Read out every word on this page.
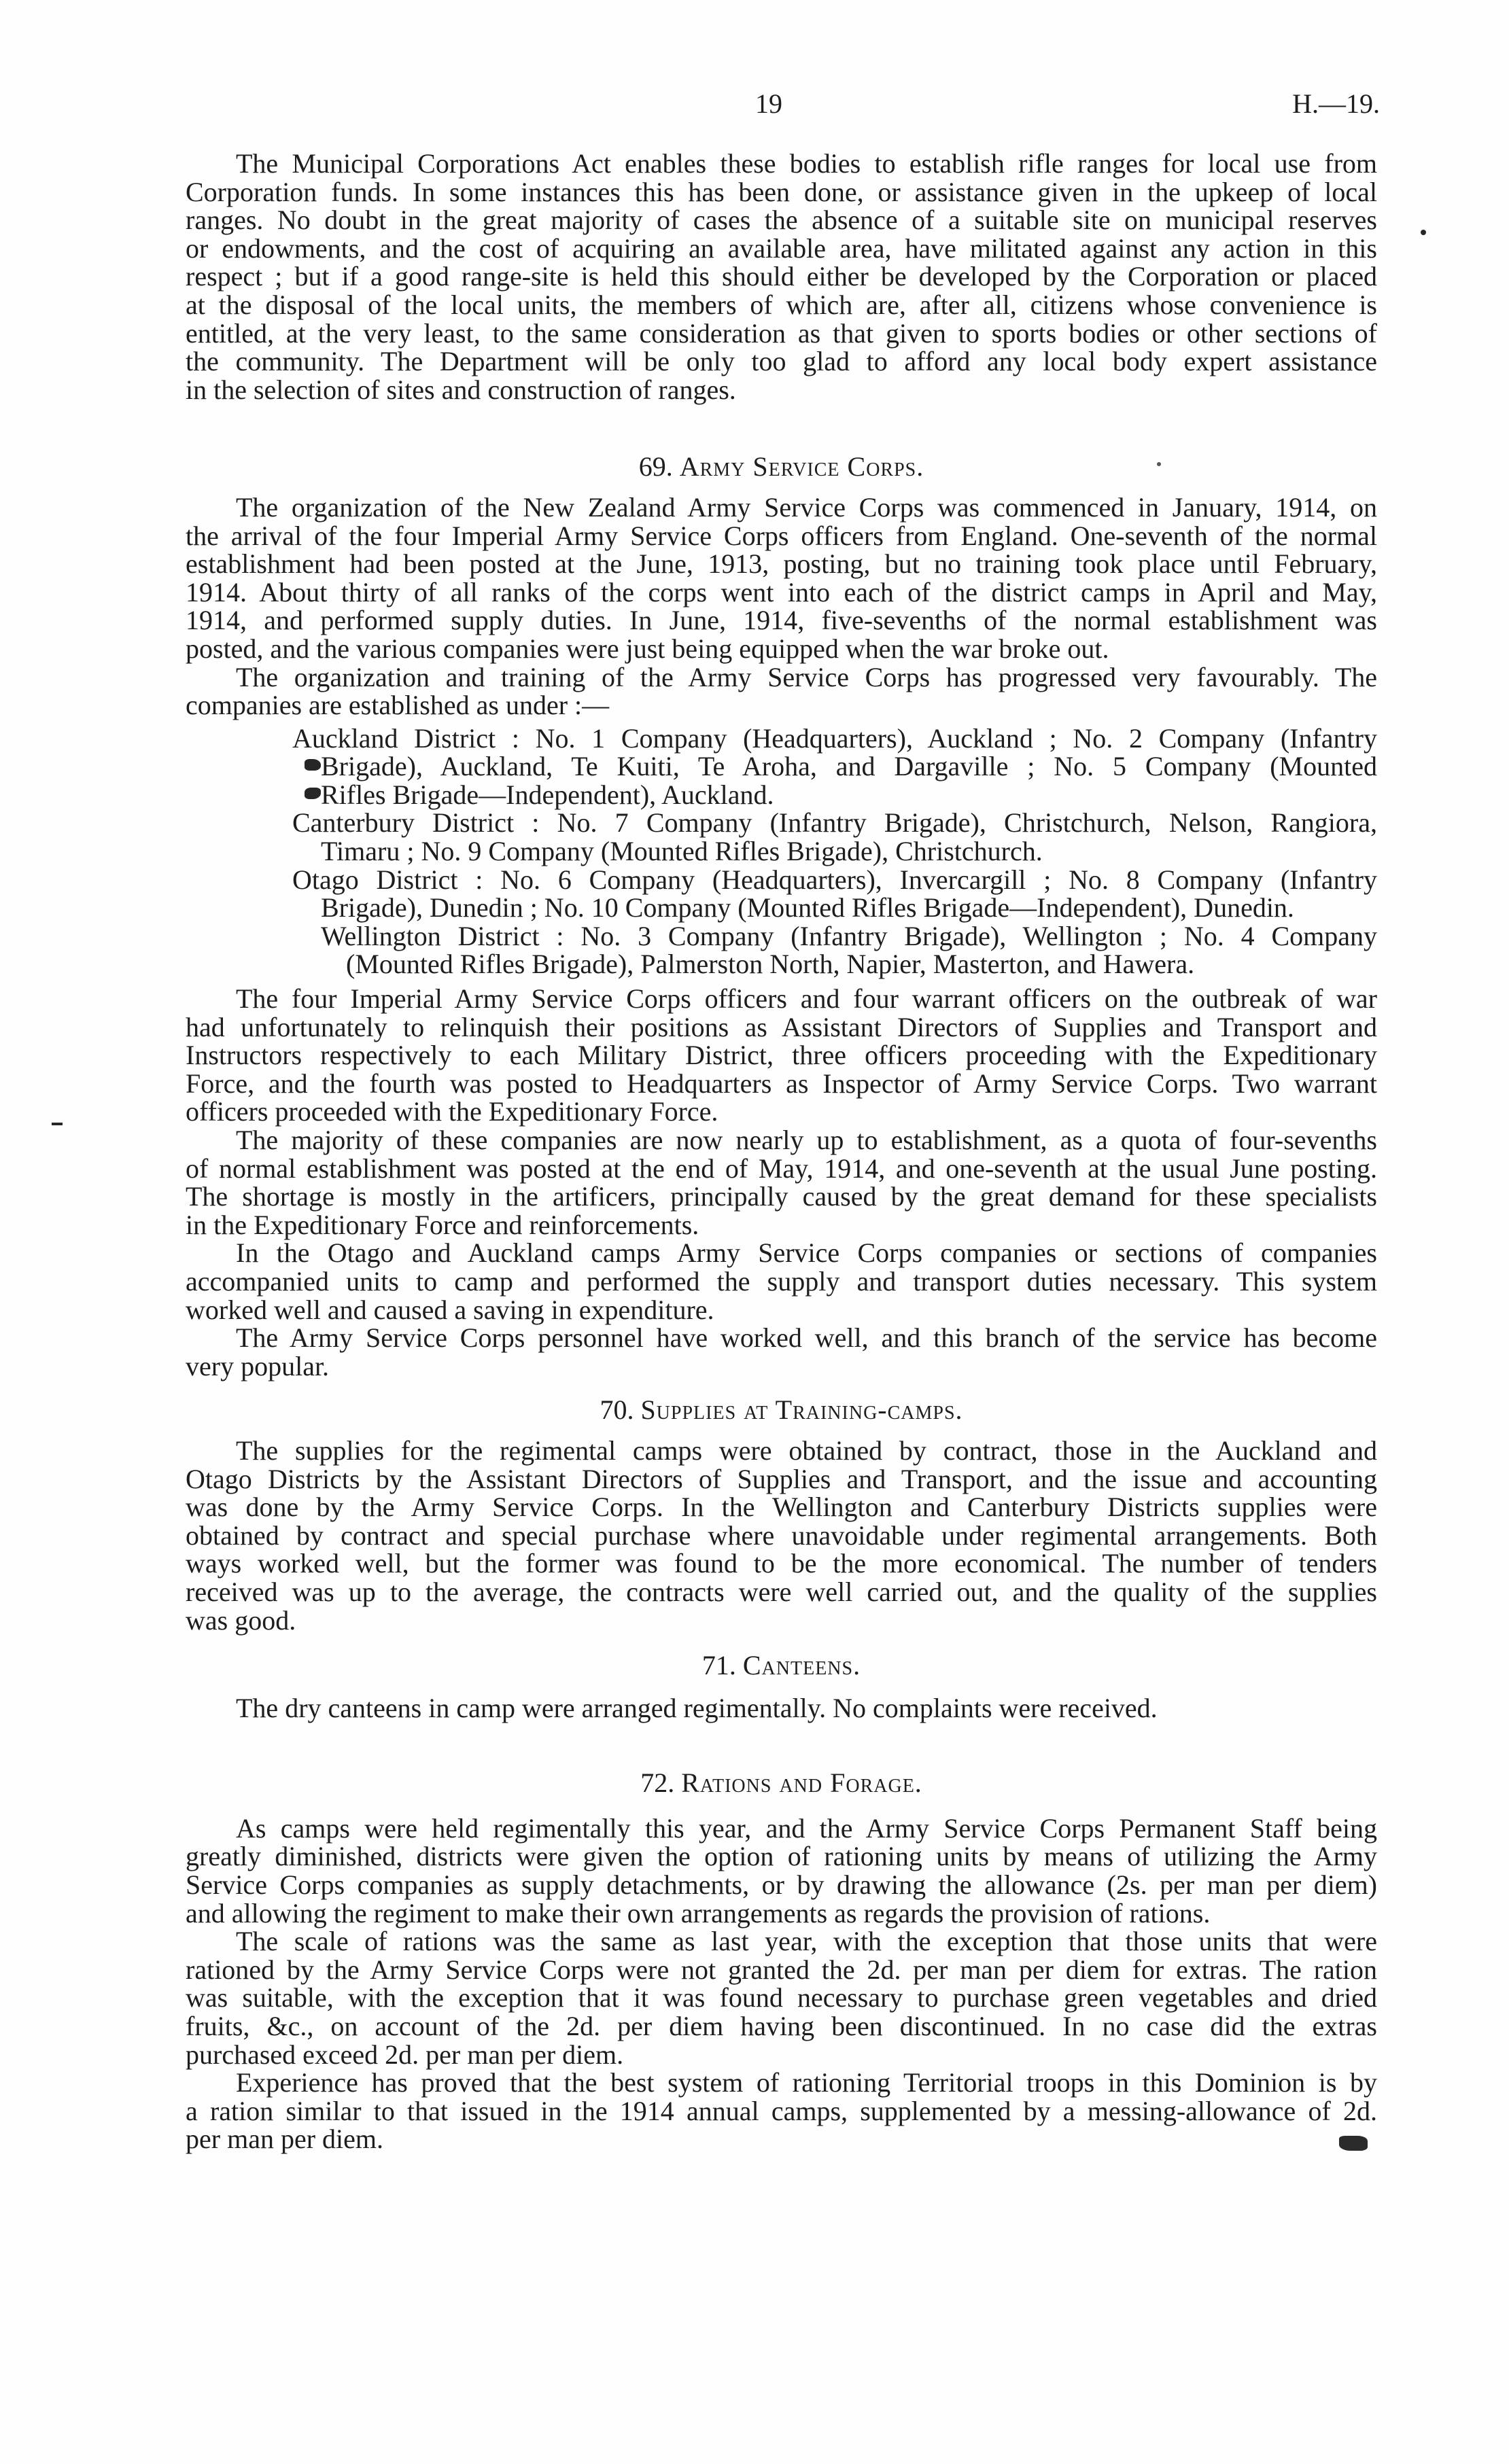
19	H.—19.
The Municipal Corporations Act enables these bodies to establish rifle ranges for local use from
Corporation funds. In some instances this has been done, or assistance given in the upkeep of local
ranges. No doubt in the great majority of cases the absence of a suitable site on municipal reserves
or endowments, and the cost of acquiring an available area, have militated against any action in this
respect ; but if a good range-site is held this should either be developed by the Corporation or placed
at the disposal of the local units, the members of which are, after all, citizens whose convenience is
entitled, at the very least, to the same consideration as that given to sports bodies or other sections of
the community. The Department will be only too glad to afford any local body expert assistance
in the selection of sites and construction of ranges.
69. Army Service Corps.
The organization of the New Zealand Army Service Corps was commenced in January, 1914, on
the arrival of the four Imperial Army Service Corps officers from England. One-seventh of the normal
establishment had been posted at the June, 1913, posting, but no training took place until February,
1914. About thirty of all ranks of the corps went into each of the district camps in April and May,
1914, and performed supply duties. In June, 1914, five-sevenths of the normal establishment was
posted, and the various companies were just being equipped when the war broke out.
The organization and training of the Army Service Corps has progressed very favourably. The
companies are established as under :—
Auckland District : No. 1 Company (Headquarters), Auckland ; No. 2 Company (Infantry
Brigade), Auckland, Te Kuiti, Te Aroha, and Dargaville ; No. 5 Company (Mounted
Rifles Brigade—Independent), Auckland.
Canterbury District : No. 7 Company (Infantry Brigade), Christchurch, Nelson, Rangiora,
Timaru ; No. 9 Company (Mounted Rifles Brigade), Christchurch.
Otago District : No. 6 Company (Headquarters), Invercargill ; No. 8 Company (Infantry
Brigade), Dunedin ; No. 10 Company (Mounted Rifles Brigade—Independent), Dunedin.
Wellington District : No. 3 Company (Infantry Brigade), Wellington ; No. 4 Company
(Mounted Rifles Brigade), Palmerston North, Napier, Masterton, and Hawera.
The four Imperial Army Service Corps officers and four warrant officers on the outbreak of war
had unfortunately to relinquish their positions as Assistant Directors of Supplies and Transport and
Instructors respectively to each Military District, three officers proceeding with the Expeditionary
Force, and the fourth was posted to Headquarters as Inspector of Army Service Corps. Two warrant
officers proceeded with the Expeditionary Force.
The majority of these companies are now nearly up to establishment, as a quota of four-sevenths
of normal establishment was posted at the end of May, 1914, and one-seventh at the usual June posting.
The shortage is mostly in the artificers, principally caused by the great demand for these specialists
in the Expeditionary Force and reinforcements.
In the Otago and Auckland camps Army Service Corps companies or sections of companies
accompanied units to camp and performed the supply and transport duties necessary. This system
worked well and caused a saving in expenditure.
The Army Service Corps personnel have worked well, and this branch of the service has become
very popular.
70. Supplies at Training-camps.
The supplies for the regimental camps were obtained by contract, those in the Auckland and
Otago Districts by the Assistant Directors of Supplies and Transport, and the issue and accounting
was done by the Army Service Corps. In the Wellington and Canterbury Districts supplies were
obtained by contract and special purchase where unavoidable under regimental arrangements. Both
ways worked well, but the former was found to be the more economical. The number of tenders
received was up to the average, the contracts were well carried out, and the quality of the supplies
was good.
71. Canteens.
The dry canteens in camp were arranged regimentally. No complaints were received.
72. Rations and Forage.
As camps were held regimentally this year, and the Army Service Corps Permanent Staff being
greatly diminished, districts were given the option of rationing units by means of utilizing the Army
Service Corps companies as supply detachments, or by drawing the allowance (2s. per man per diem)
and allowing the regiment to make their own arrangements as regards the provision of rations.
The scale of rations was the same as last year, with the exception that those units that were
rationed by the Army Service Corps were not granted the 2d. per man per diem for extras. The ration
was suitable, with the exception that it was found necessary to purchase green vegetables and dried
fruits, &c., on account of the 2d. per diem having been discontinued. In no case did the extras
purchased exceed 2d. per man per diem.
Experience has proved that the best system of rationing Territorial troops in this Dominion is by
a ration similar to that issued in the 1914 annual camps, supplemented by a messing-allowance of 2d.
per man per diem.
